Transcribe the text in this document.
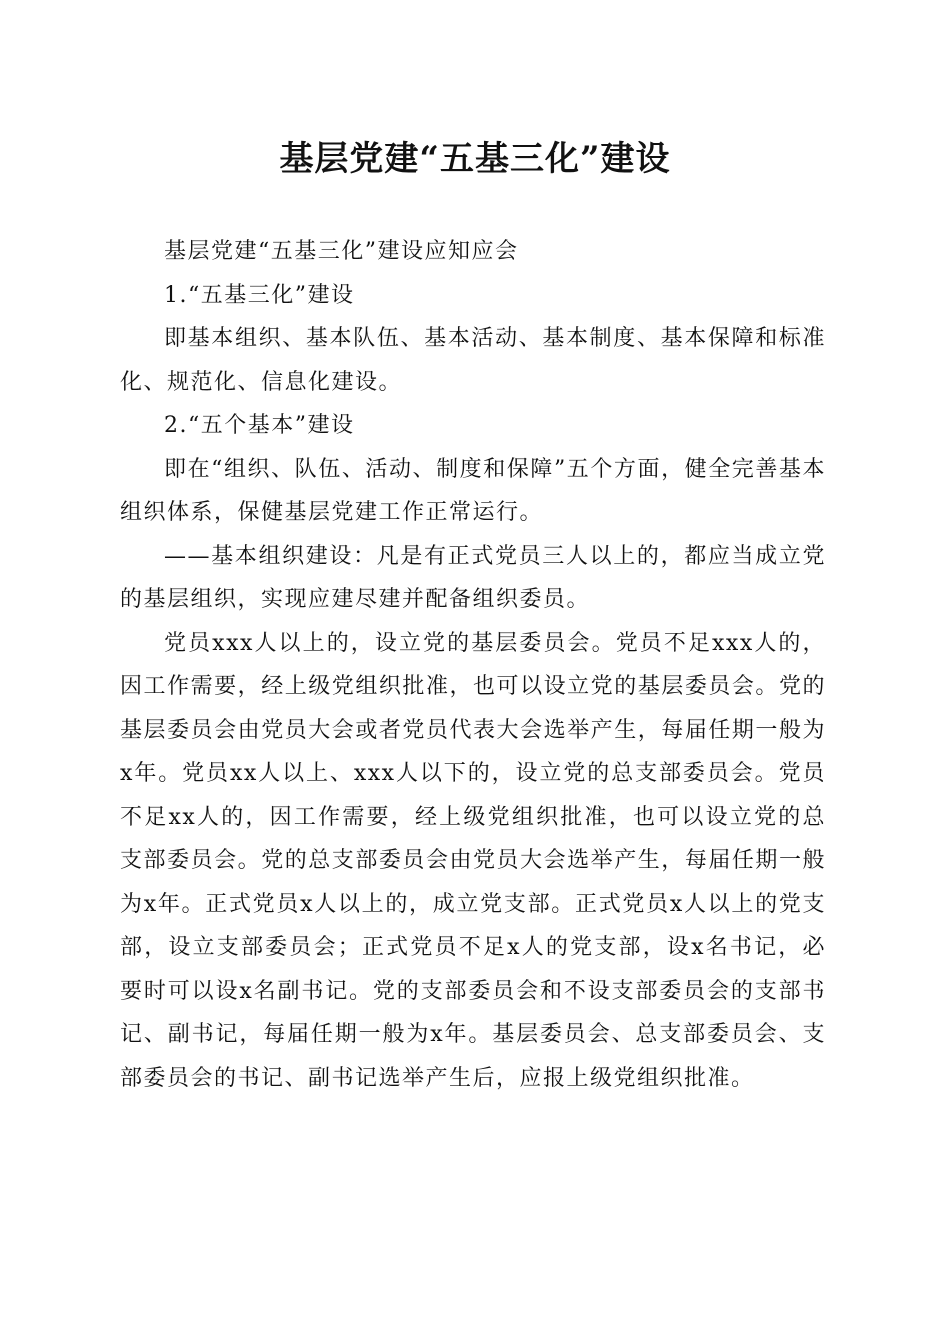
基层党建“五基三化”建设

基层党建“五基三化”建设应知应会

1.“五基三化”建设

即基本组织、基本队伍、基本活动、基本制度、基本保障和标准化、规范化、信息化建设。

2.“五个基本”建设

即在“组织、队伍、活动、制度和保障”五个方面，健全完善基本组织体系，保健基层党建工作正常运行。

——基本组织建设：凡是有正式党员三人以上的，都应当成立党的基层组织，实现应建尽建并配备组织委员。

党员xxx人以上的，设立党的基层委员会。党员不足xxx人的，因工作需要，经上级党组织批准，也可以设立党的基层委员会。党的基层委员会由党员大会或者党员代表大会选举产生，每届任期一般为x年。党员xx人以上、xxx人以下的，设立党的总支部委员会。党员不足xx人的，因工作需要，经上级党组织批准，也可以设立党的总支部委员会。党的总支部委员会由党员大会选举产生，每届任期一般为x年。正式党员x人以上的，成立党支部。正式党员x人以上的党支部，设立支部委员会；正式党员不足x人的党支部，设x名书记，必要时可以设x名副书记。党的支部委员会和不设支部委员会的支部书记、副书记，每届任期一般为x年。基层委员会、总支部委员会、支部委员会的书记、副书记选举产生后，应报上级党组织批准。
